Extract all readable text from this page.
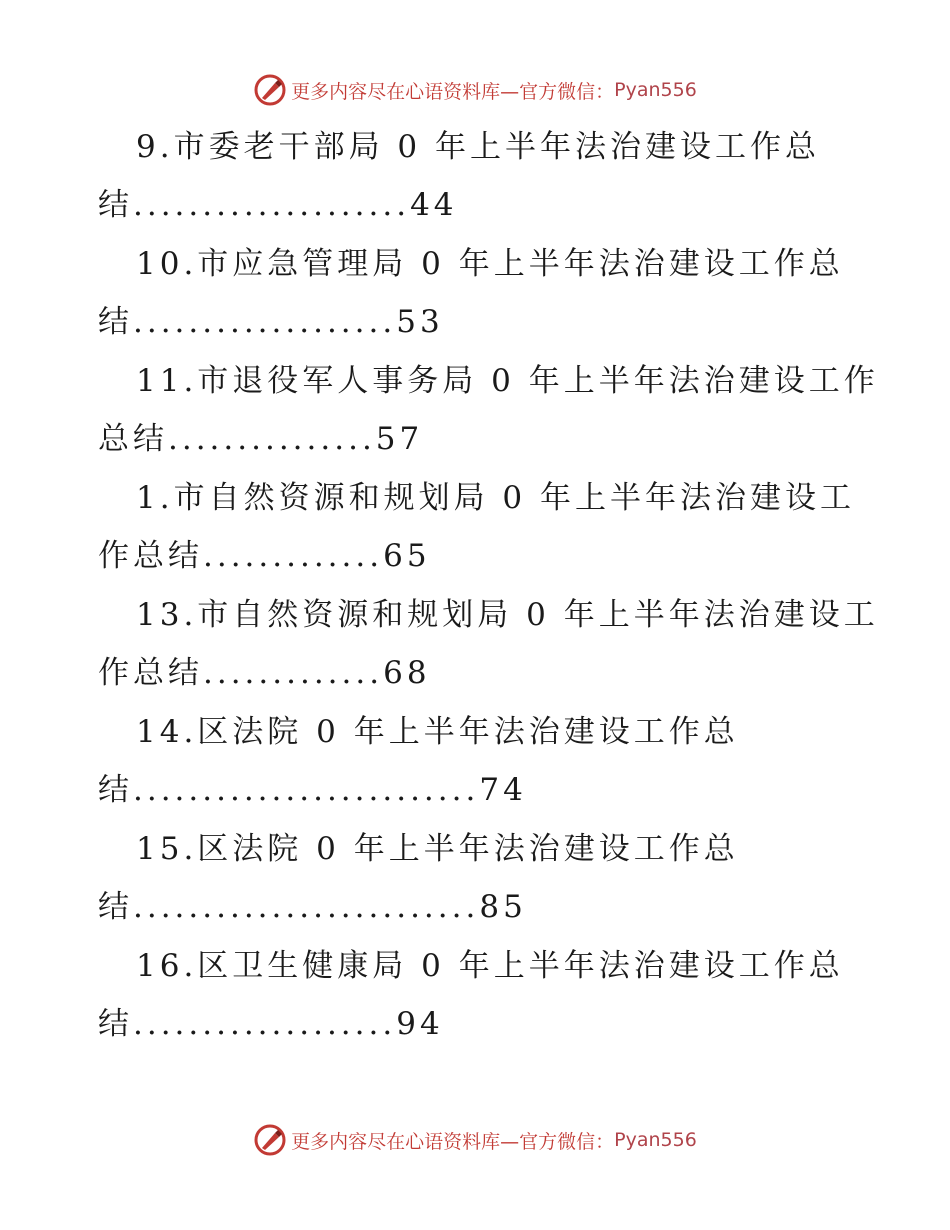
更多内容尽在心语资料库—官方微信： Pyan556

9.市委老干部局 0 年上半年法治建设工作总

结....................44

10.市应急管理局 0 年上半年法治建设工作总

结...................53

11.市退役军人事务局 0 年上半年法治建设工作

总结...............57

1.市自然资源和规划局 0 年上半年法治建设工

作总结.............65

13.市自然资源和规划局 0 年上半年法治建设工

作总结.............68

14.区法院 0 年上半年法治建设工作总

结.........................74

15.区法院 0 年上半年法治建设工作总

结.........................85

16.区卫生健康局 0 年上半年法治建设工作总

结...................94

更多内容尽在心语资料库—官方微信： Pyan556
